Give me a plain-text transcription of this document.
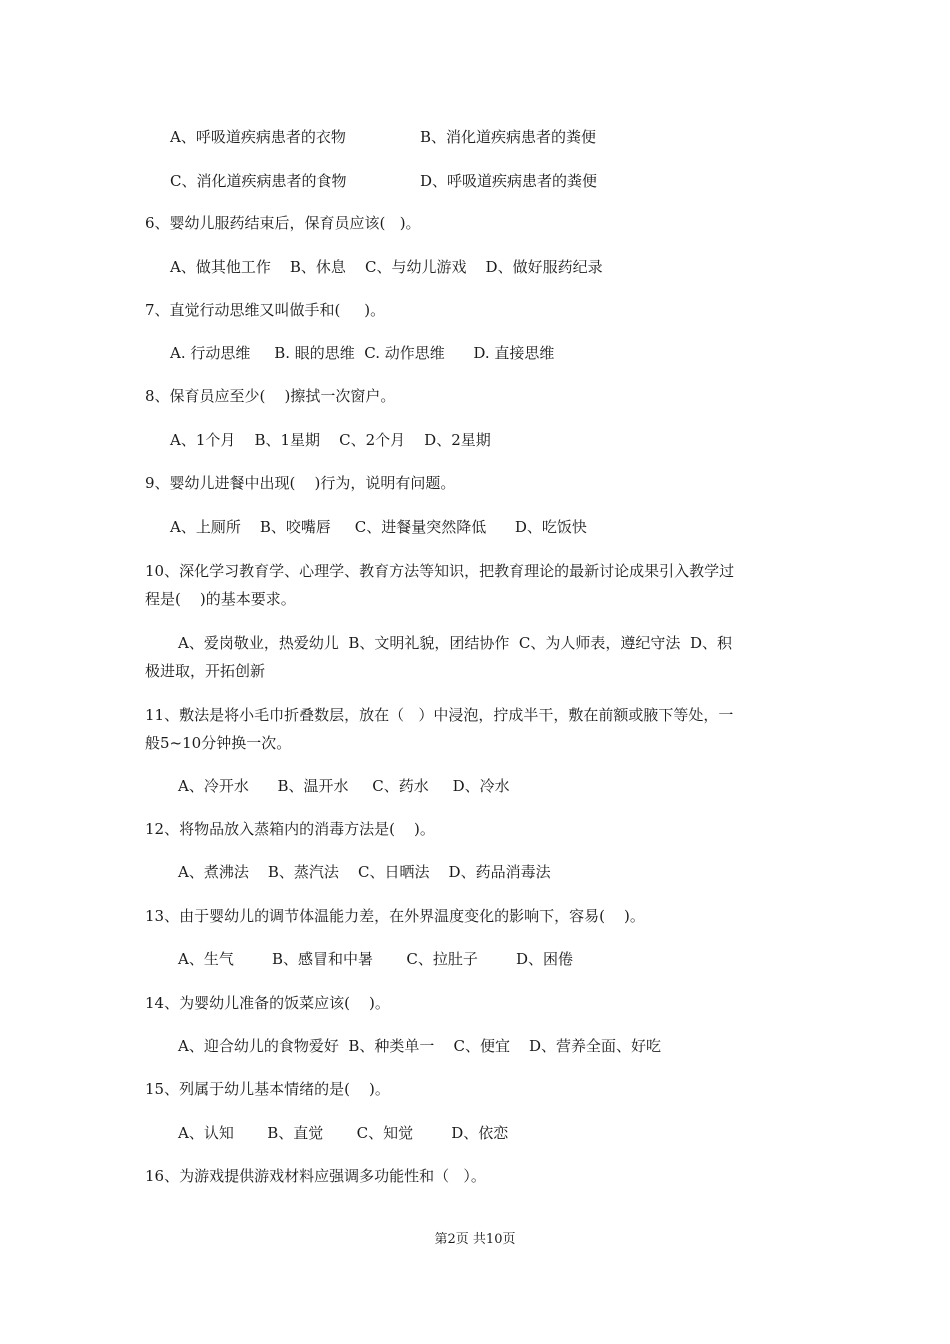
A、呼吸道疾病患者的衣物	B、消化道疾病患者的粪便
C、消化道疾病患者的食物	D、呼吸道疾病患者的粪便
6、婴幼儿服药结束后，保育员应该(   )。
A、做其他工作    B、休息    C、与幼儿游戏    D、做好服药纪录
7、直觉行动思维又叫做手和(     )。
A. 行动思维     B. 眼的思维  C. 动作思维      D. 直接思维
8、保育员应至少(    )擦拭一次窗户。
A、1个月    B、1星期    C、2个月    D、2星期
9、婴幼儿进餐中出现(    )行为，说明有问题。
A、上厕所    B、咬嘴唇     C、进餐量突然降低      D、吃饭快
10、深化学习教育学、心理学、教育方法等知识，把教育理论的最新讨论成果引入教学过
程是(    )的基本要求。
A、爱岗敬业，热爱幼儿  B、文明礼貌，团结协作  C、为人师表，遵纪守法  D、积
极进取，开拓创新
11、敷法是将小毛巾折叠数层，放在（   ）中浸泡，拧成半干，敷在前额或腋下等处，一
般5~10分钟换一次。
A、冷开水      B、温开水     C、药水     D、冷水
12、将物品放入蒸箱内的消毒方法是(    )。
A、煮沸法    B、蒸汽法    C、日晒法    D、药品消毒法
13、由于婴幼儿的调节体温能力差，在外界温度变化的影响下，容易(    )。
A、生气        B、感冒和中暑       C、拉肚子        D、困倦
14、为婴幼儿准备的饭菜应该(    )。
A、迎合幼儿的食物爱好  B、种类单一    C、便宜    D、营养全面、好吃
15、列属于幼儿基本情绪的是(    )。
A、认知       B、直觉       C、知觉        D、依恋
16、为游戏提供游戏材料应强调多功能性和（   ）。
第2页 共10页
